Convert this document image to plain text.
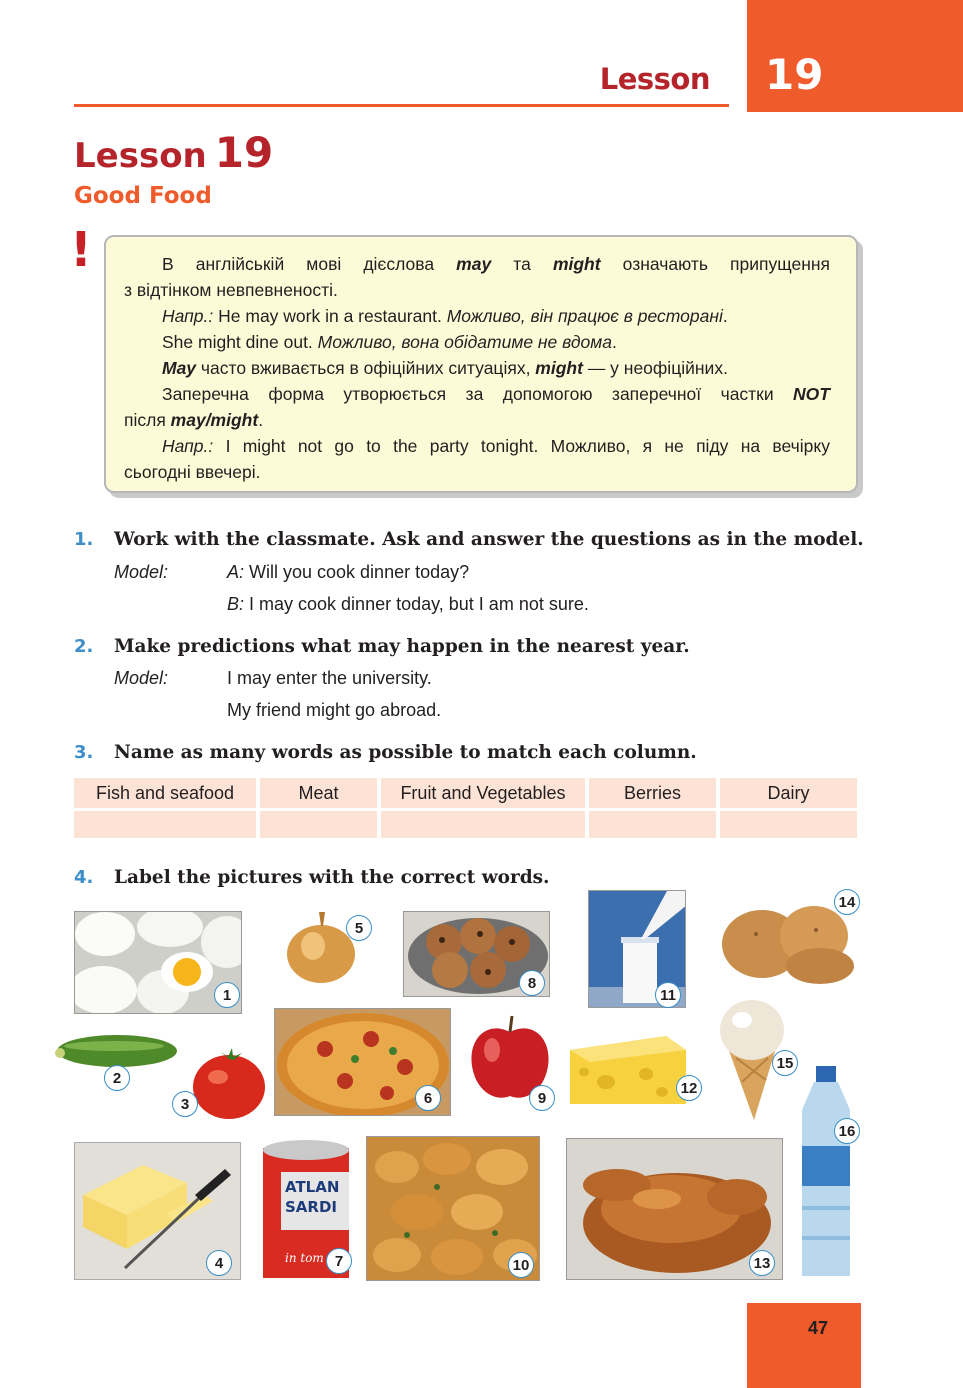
Lesson 19
Lesson 19
Good Food
!	В англійській мові дієслова may та might означають припущення

з відтінком невпевненості.

Напр.: He may work in a restaurant. Можливо, він працює в ресторані.

She might dine out. Можливо, вона обідатиме не вдома.

May часто вживається в офіційних ситуаціях, might — у неофіційних.

Заперечна форма утворюється за допомогою заперечної частки NOT

після may/might.

Напр.: I might not go to the party tonight. Можливо, я не піду на вечірку

сьогодні ввечері.

1. Work with the classmate. Ask and answer the questions as in the model.
Model:	A: Will you cook dinner today?
B: I may cook dinner today, but I am not sure.
2. Make predictions what may happen in the nearest year.
Model:	I may enter the university.
My friend might go abroad.
3. Name as many words as possible to match each column.
Fish and seafood	Meat	Fruit and Vegetables	Berries	Dairy

4. Label the pictures with the correct words.
1
2
3
4
5
6
ATLAN
SARDI
in tom 7
8
9
10
11
12
13
14
15
16
47
